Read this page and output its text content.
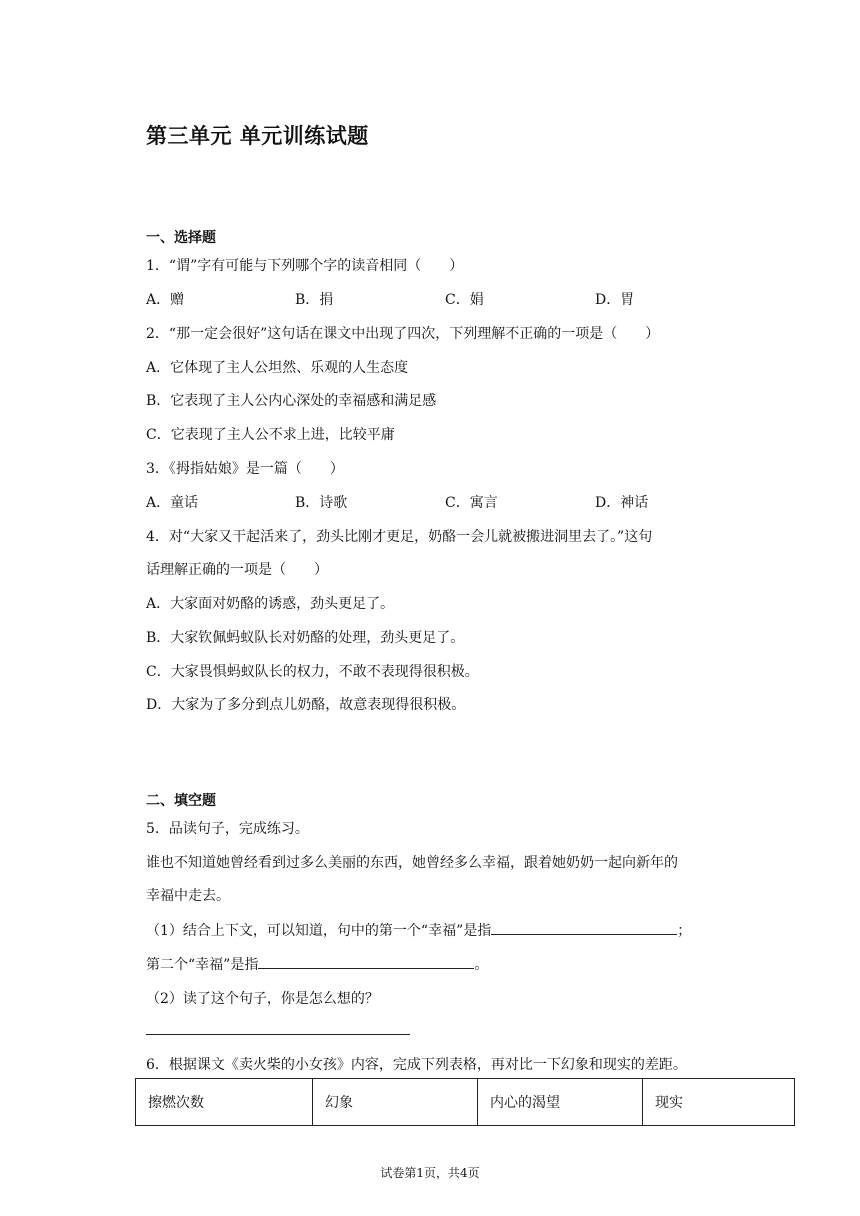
第三单元 单元训练试题
一、选择题
1．“谓”字有可能与下列哪个字的读音相同（　　）
A．赠	B．捐	C．娟	D．胃
2．“那一定会很好”这句话在课文中出现了四次，下列理解不正确的一项是（　　）
A．它体现了主人公坦然、乐观的人生态度
B．它表现了主人公内心深处的幸福感和满足感
C．它表现了主人公不求上进，比较平庸
3．《拇指姑娘》是一篇（　　）
A．童话	B．诗歌	C．寓言	D．神话
4．对“大家又干起活来了，劲头比刚才更足，奶酪一会儿就被搬进洞里去了。”这句
话理解正确的一项是（　　）
A．大家面对奶酪的诱惑，劲头更足了。
B．大家钦佩蚂蚁队长对奶酪的处理，劲头更足了。
C．大家畏惧蚂蚁队长的权力，不敢不表现得很积极。
D．大家为了多分到点儿奶酪，故意表现得很积极。
二、填空题
5．品读句子，完成练习。
谁也不知道她曾经看到过多么美丽的东西，她曾经多么幸福，跟着她奶奶一起向新年的
幸福中走去。
（1）结合上下文，可以知道，句中的第一个“幸福”是指	；
第二个“幸福”是指	。
（2）读了这个句子，你是怎么想的？
6．根据课文《卖火柴的小女孩》内容，完成下列表格，再对比一下幻象和现实的差距。
擦燃次数	幻象	内心的渴望	现实
试卷第1页，共4页
